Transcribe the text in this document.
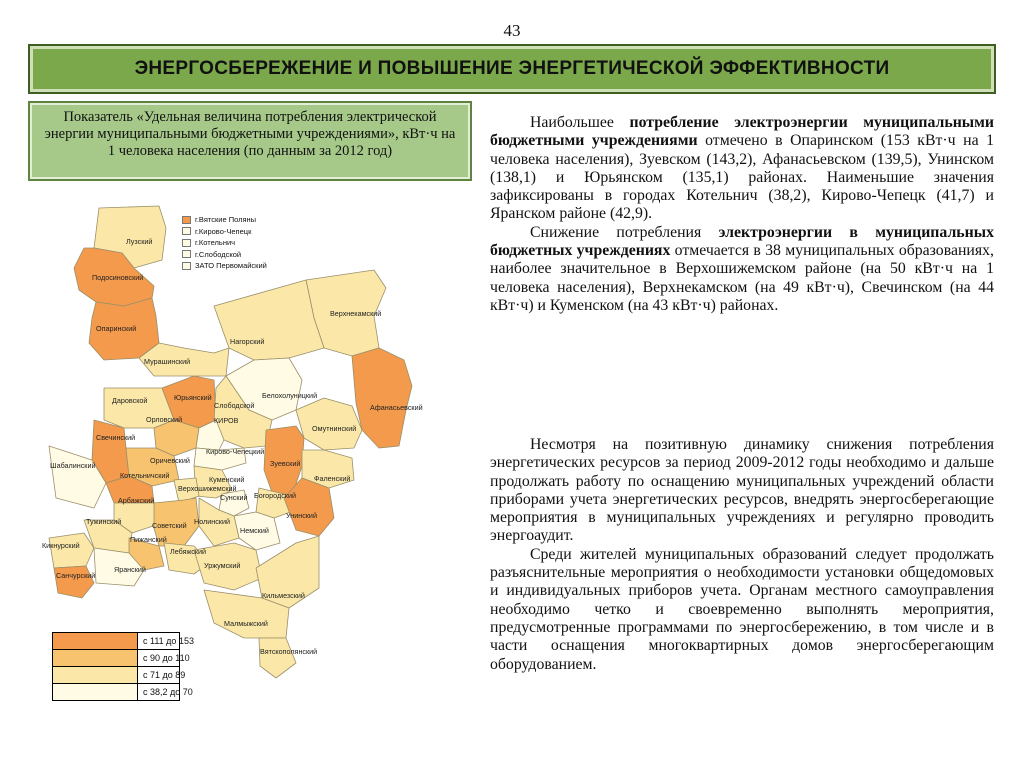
43
ЭНЕРГОСБЕРЕЖЕНИЕ И ПОВЫШЕНИЕ ЭНЕРГЕТИЧЕСКОЙ ЭФФЕКТИВНОСТИ
Показатель «Удельная величина потребления электрической энергии муниципальными бюджетными учреждениями», кВт·ч на 1 человека населения (по данным за 2012 год)
Лузский
Подосиновский
Опаринский
Верхнекамский
Нагорский
Мурашинский
Белохолуницкий
Афанасьевский
Юрьянский
Слободской
Омутнинский
Даровской
Орловский	КИРОВ
Свечинский
Оричевский
Кирово-Чепецкий
Зуевский
Шабалинский
Котельничский	Куменский
Верхошижемский
Фаленский
Сунский Богородский
Арбажский
Унинский
Тужинский	Советский
Немский
Пижанский
Нолинский
Кикнурский
Лебяжский
Санчурский
Яранский	Уржумский
Кильмезский
Малмыжский
Вятскополянский
г.Вятские Поляны
г.Кирово-Чепецк
г.Котельнич
г.Слободской
ЗАТО Первомайский
с 111 до 153
с 90 до 110
с 71 до 89
с 38,2 до 70

Наибольшее потребление электроэнергии муниципальными бюджетными учреждениями отмечено в Опаринском (153 кВт·ч на 1 человека населения), Зуевском (143,2), Афанасьевском (139,5), Унинском (138,1) и Юрьянском (135,1) районах. Наименьшие значения зафиксированы в городах Котельнич (38,2), Кирово-Чепецк (41,7) и Яранском районе (42,9).

Снижение потребления электроэнергии в муниципальных бюджетных учреждениях отмечается в 38 муниципальных образованиях, наиболее значительное в Верхошижемском районе (на 50 кВт·ч на 1 человека населения), Верхнекамском (на 49 кВт·ч), Свечинском (на 44 кВт·ч) и Куменском (на 43 кВт·ч) районах.

Несмотря на позитивную динамику снижения потребления энергетических ресурсов за период 2009-2012 годы необходимо и дальше продолжать работу по оснащению муниципальных учреждений области приборами учета энергетических ресурсов, внедрять энергосберегающие мероприятия в муниципальных учреждениях и регулярно проводить энергоаудит.

Среди жителей муниципальных образований следует продолжать разъяснительные мероприятия о необходимости установки общедомовых и индивидуальных приборов учета. Органам местного самоуправления необходимо четко и своевременно выполнять мероприятия, предусмотренные программами по энергосбережению, в том числе и в части оснащения многоквартирных домов энергосберегающим оборудованием.
